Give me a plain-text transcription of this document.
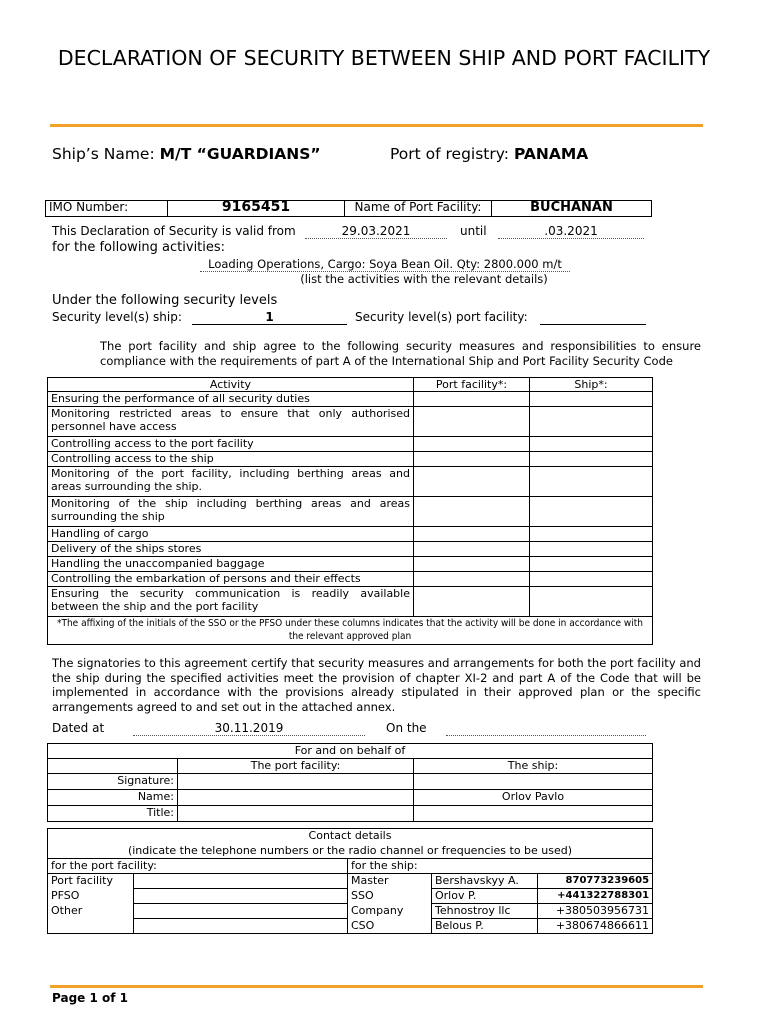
DECLARATION OF SECURITY BETWEEN SHIP AND PORT FACILITY
Ship’s Name: M/T “GUARDIANS”	Port of registry: PANAMA
IMO Number:	9165451	Name of Port Facility:	BUCHANAN
This Declaration of Security is valid from	29.03.2021	until	.03.2021
for the following activities:
Loading Operations, Cargo: Soya Bean Oil. Qty: 2800.000 m/t
(list the activities with the relevant details)
Under the following security levels
Security level(s) ship:	1	Security level(s) port facility:
The port facility and ship agree to the following security measures and responsibilities to ensure compliance with the requirements of part A of the International Ship and Port Facility Security Code
Activity	Port facility*:	Ship*:
Ensuring the performance of all security duties		
Monitoring restricted areas to ensure that only authorised personnel have access		
Controlling access to the port facility		
Controlling access to the ship		
Monitoring of the port facility, including berthing areas and areas surrounding the ship.		
Monitoring of the ship including berthing areas and areas surrounding the ship		
Handling of cargo		
Delivery of the ships stores		
Handling the unaccompanied baggage		
Controlling the embarkation of persons and their effects		
Ensuring the security communication is readily available between the ship and the port facility		
*The affixing of the initials of the SSO or the PFSO under these columns indicates that the activity will be done in accordance with the relevant approved plan		
The signatories to this agreement certify that security measures and arrangements for both the port facility and the ship during the specified activities meet the provision of chapter XI-2 and part A of the Code that will be implemented in accordance with the provisions already stipulated in their approved plan or the specific arrangements agreed to and set out in the attached annex.
Dated at	30.11.2019	On the
For and on behalf of		
	The port facility:	The ship:
Signature:		
Name:		Orlov Pavlo
Title:		
Contact details				
(indicate the telephone numbers or the radio channel or frequencies to be used)				
for the port facility:		for the ship:		
Port facility		Master	Bershavskyy A.	870773239605
PFSO		SSO	Orlov P.	+441322788301
Other		Company	Tehnostroy llc	+380503956731
		CSO	Belous P.	+380674866611
Page 1 of 1
